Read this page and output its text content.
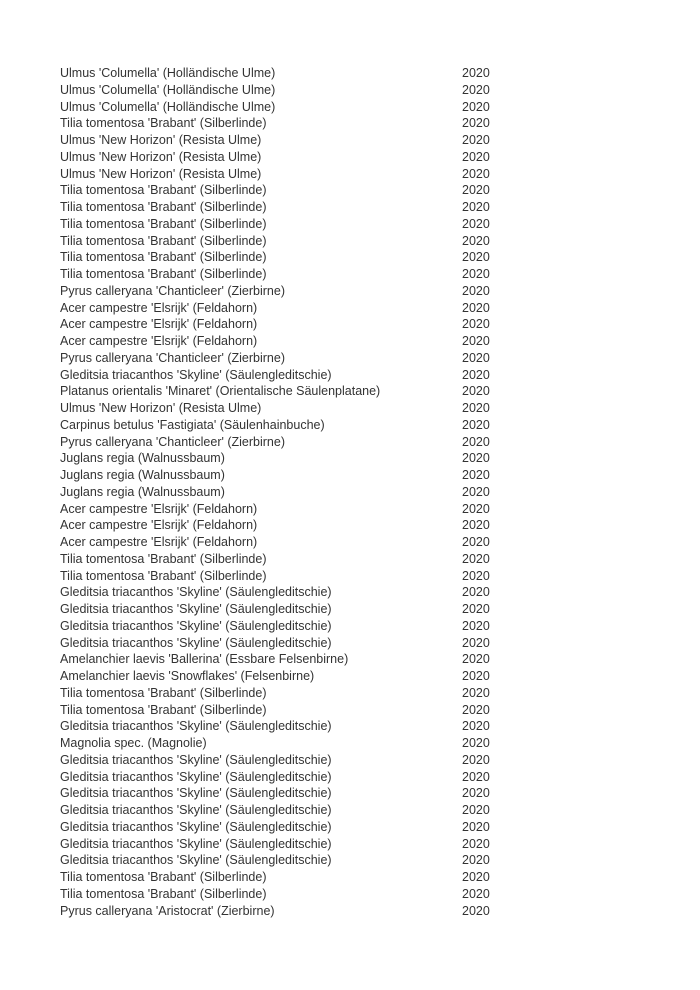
Ulmus 'Columella' (Holländische Ulme)	2020
Ulmus 'Columella' (Holländische Ulme)	2020
Ulmus 'Columella' (Holländische Ulme)	2020
Tilia tomentosa 'Brabant' (Silberlinde)	2020
Ulmus 'New Horizon' (Resista Ulme)	2020
Ulmus 'New Horizon' (Resista Ulme)	2020
Ulmus 'New Horizon' (Resista Ulme)	2020
Tilia tomentosa 'Brabant' (Silberlinde)	2020
Tilia tomentosa 'Brabant' (Silberlinde)	2020
Tilia tomentosa 'Brabant' (Silberlinde)	2020
Tilia tomentosa 'Brabant' (Silberlinde)	2020
Tilia tomentosa 'Brabant' (Silberlinde)	2020
Tilia tomentosa 'Brabant' (Silberlinde)	2020
Pyrus calleryana 'Chanticleer' (Zierbirne)	2020
Acer campestre 'Elsrijk' (Feldahorn)	2020
Acer campestre 'Elsrijk' (Feldahorn)	2020
Acer campestre 'Elsrijk' (Feldahorn)	2020
Pyrus calleryana 'Chanticleer' (Zierbirne)	2020
Gleditsia triacanthos 'Skyline' (Säulengleditschie)	2020
Platanus orientalis 'Minaret' (Orientalische Säulenplatane)	2020
Ulmus 'New Horizon' (Resista Ulme)	2020
Carpinus betulus 'Fastigiata' (Säulenhainbuche)	2020
Pyrus calleryana 'Chanticleer' (Zierbirne)	2020
Juglans regia (Walnussbaum)	2020
Juglans regia (Walnussbaum)	2020
Juglans regia (Walnussbaum)	2020
Acer campestre 'Elsrijk' (Feldahorn)	2020
Acer campestre 'Elsrijk' (Feldahorn)	2020
Acer campestre 'Elsrijk' (Feldahorn)	2020
Tilia tomentosa 'Brabant' (Silberlinde)	2020
Tilia tomentosa 'Brabant' (Silberlinde)	2020
Gleditsia triacanthos 'Skyline' (Säulengleditschie)	2020
Gleditsia triacanthos 'Skyline' (Säulengleditschie)	2020
Gleditsia triacanthos 'Skyline' (Säulengleditschie)	2020
Gleditsia triacanthos 'Skyline' (Säulengleditschie)	2020
Amelanchier laevis 'Ballerina' (Essbare Felsenbirne)	2020
Amelanchier laevis 'Snowflakes' (Felsenbirne)	2020
Tilia tomentosa 'Brabant' (Silberlinde)	2020
Tilia tomentosa 'Brabant' (Silberlinde)	2020
Gleditsia triacanthos 'Skyline' (Säulengleditschie)	2020
Magnolia spec. (Magnolie)	2020
Gleditsia triacanthos 'Skyline' (Säulengleditschie)	2020
Gleditsia triacanthos 'Skyline' (Säulengleditschie)	2020
Gleditsia triacanthos 'Skyline' (Säulengleditschie)	2020
Gleditsia triacanthos 'Skyline' (Säulengleditschie)	2020
Gleditsia triacanthos 'Skyline' (Säulengleditschie)	2020
Gleditsia triacanthos 'Skyline' (Säulengleditschie)	2020
Gleditsia triacanthos 'Skyline' (Säulengleditschie)	2020
Tilia tomentosa 'Brabant' (Silberlinde)	2020
Tilia tomentosa 'Brabant' (Silberlinde)	2020
Pyrus calleryana 'Aristocrat' (Zierbirne)	2020
